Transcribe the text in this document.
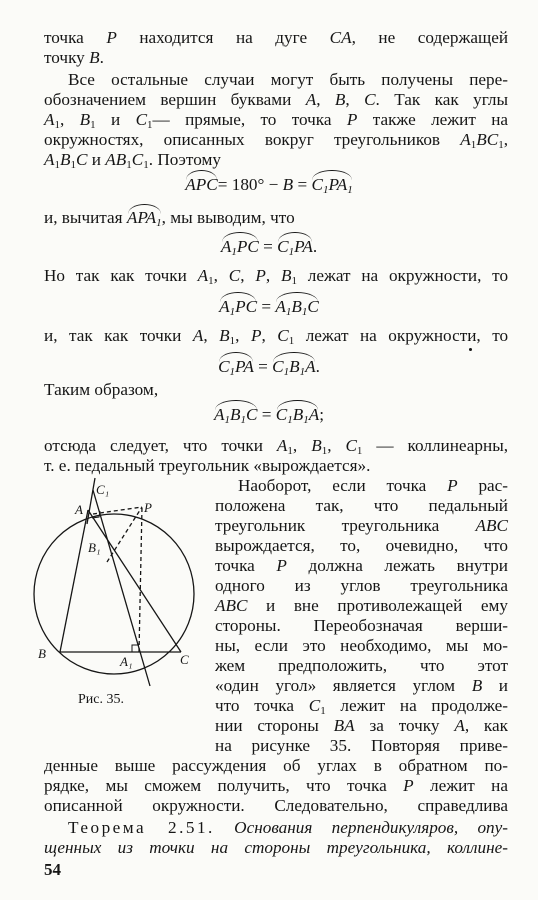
точка P находится на дуге CA, не содержащей
точку B.
Все остальные случаи могут быть получены пере-
обозначением вершин буквами A, B, C. Так как углы
$A_1$, $B_1$ и $C_1—$ прямые, то точка P также лежит на
окружностях, описанных вокруг треугольников $A_1BC_1$,
$A_1B_1C$ и $AB_1C_1$. Поэтому
$APC= 180^\circ - B = C_1PA_1$
и, вычитая $APA_1$, мы выводим, что
$A_1PC = C_1PA$.
Но так как точки $A_1$, C, P, $B_1$ лежат на окружности, то
$A_1PC = A_1B_1C$
и, так как точки A, $B_1$, P, $C_1$ лежат на окружности, то
$C_1PA = C_1B_1A$.
Таким образом,
$A_1B_1C = C_1B_1A$;
отсюда следует, что точки $A_1$, $B_1$, $C_1$ — коллинеарны,
т. е. педальный треугольник «вырождается».
Наоборот, если точка P рас-
положена так, что педальный
треугольник треугольника ABC
вырождается, то, очевидно, что
точка P должна лежать внутри
одного из углов треугольника
ABC и вне противолежащей ему
стороны. Переобозначая верши-
ны, если это необходимо, мы мо-
жем предположить, что этот
«один угол» является углом B и
что точка $C_1$ лежит на продолже-
нии стороны BA за точку A, как
на рисунке 35. Повторяя приве-
денные выше рассуждения об углах в обратном по-
рядке, мы сможем получить, что точка P лежит на
описанной окружности. Следовательно, справедлива
Теорема 2.51. Основания перпендикуляров, опу-
щенных из точки на стороны треугольника, коллине-
54
C₁
A	P
B₁
B	C
A₁
Рис. 35.
